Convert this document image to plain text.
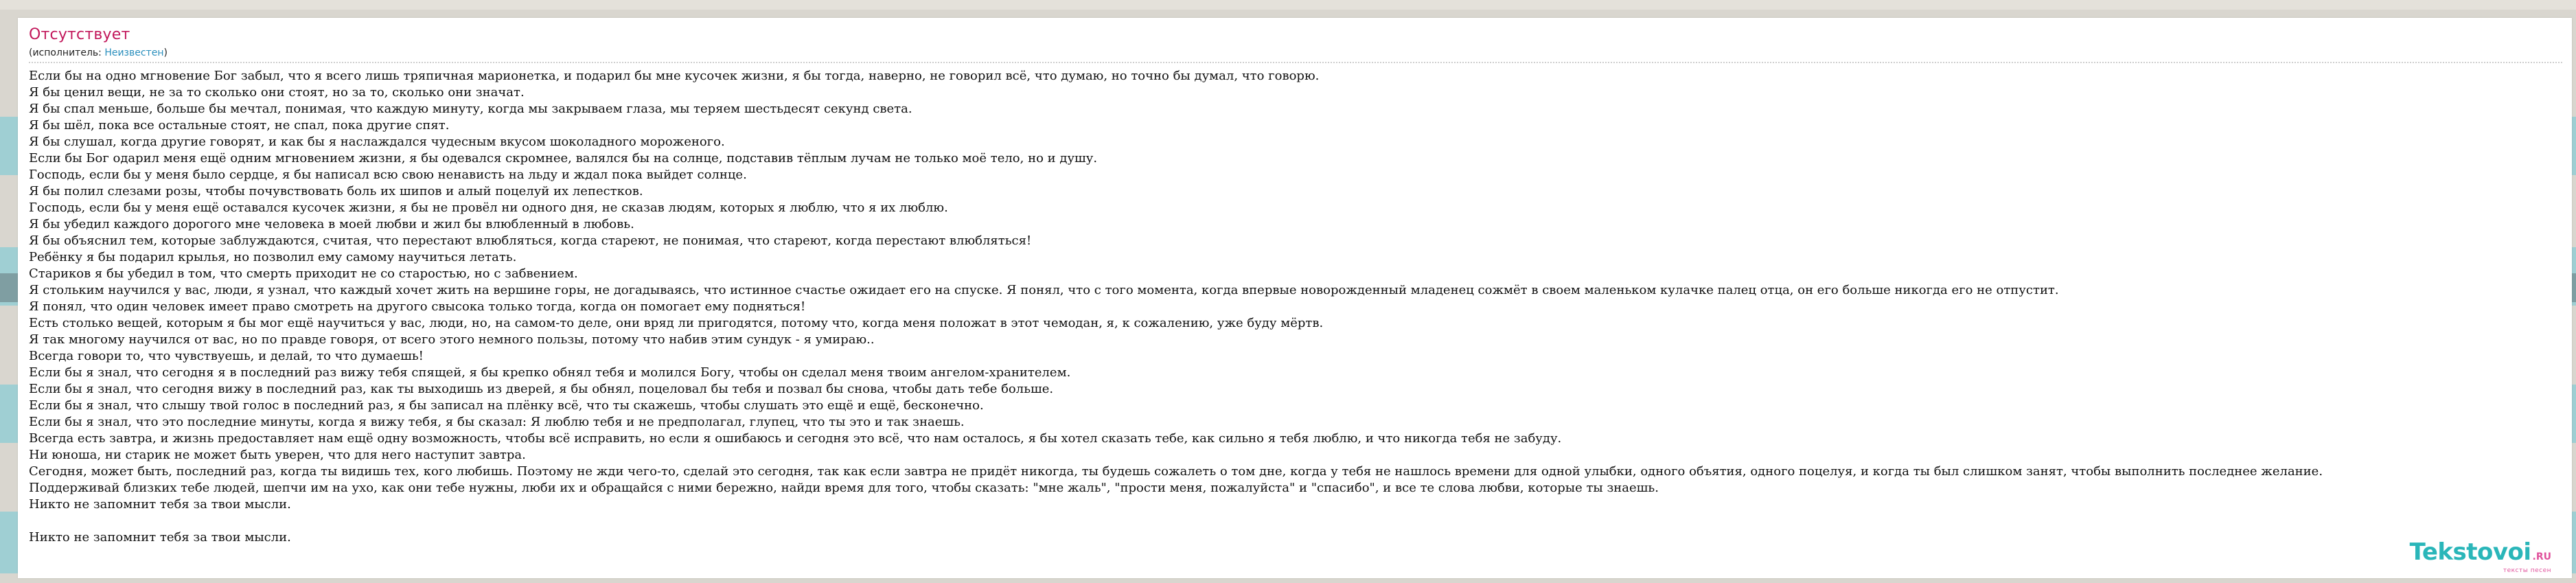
Отсутствует
(исполнитель: Неизвестен)
Если бы на одно мгновение Бог забыл, что я всего лишь тряпичная марионетка, и подарил бы мне кусочек жизни, я бы тогда, наверно, не говорил всё, что думаю, но точно бы думал, что говорю.
Я бы ценил вещи, не за то сколько они стоят, но за то, сколько они значат.
Я бы спал меньше, больше бы мечтал, понимая, что каждую минуту, когда мы закрываем глаза, мы теряем шестьдесят секунд света.
Я бы шёл, пока все остальные стоят, не спал, пока другие спят.
Я бы слушал, когда другие говорят, и как бы я наслаждался чудесным вкусом шоколадного мороженого.
Если бы Бог одарил меня ещё одним мгновением жизни, я бы одевался скромнее, валялся бы на солнце, подставив тёплым лучам не только моё тело, но и душу.
Господь, если бы у меня было сердце, я бы написал всю свою ненависть на льду и ждал пока выйдет солнце.
Я бы полил слезами розы, чтобы почувствовать боль их шипов и алый поцелуй их лепестков.
Господь, если бы у меня ещё оставался кусочек жизни, я бы не провёл ни одного дня, не сказав людям, которых я люблю, что я их люблю.
Я бы убедил каждого дорогого мне человека в моей любви и жил бы влюбленный в любовь.
Я бы объяснил тем, которые заблуждаются, считая, что перестают влюбляться, когда стареют, не понимая, что стареют, когда перестают влюбляться!
Ребёнку я бы подарил крылья, но позволил ему самому научиться летать.
Стариков я бы убедил в том, что смерть приходит не со старостью, но с забвением.
Я стольким научился у вас, люди, я узнал, что каждый хочет жить на вершине горы, не догадываясь, что истинное счастье ожидает его на спуске. Я понял, что с того момента, когда впервые новорожденный младенец сожмёт в своем маленьком кулачке палец отца, он его больше никогда его не отпустит.
Я понял, что один человек имеет право смотреть на другого свысока только тогда, когда он помогает ему подняться!
Есть столько вещей, которым я бы мог ещё научиться у вас, люди, но, на самом-то деле, они вряд ли пригодятся, потому что, когда меня положат в этот чемодан, я, к сожалению, уже буду мёртв.
Я так многому научился от вас, но по правде говоря, от всего этого немного пользы, потому что набив этим сундук - я умираю..
Всегда говори то, что чувствуешь, и делай, то что думаешь!
Если бы я знал, что сегодня я в последний раз вижу тебя спящей, я бы крепко обнял тебя и молился Богу, чтобы он сделал меня твоим ангелом-хранителем.
Если бы я знал, что сегодня вижу в последний раз, как ты выходишь из дверей, я бы обнял, поцеловал бы тебя и позвал бы снова, чтобы дать тебе больше.
Если бы я знал, что слышу твой голос в последний раз, я бы записал на плёнку всё, что ты скажешь, чтобы слушать это ещё и ещё, бесконечно.
Если бы я знал, что это последние минуты, когда я вижу тебя, я бы сказал: Я люблю тебя и не предполагал, глупец, что ты это и так знаешь.
Всегда есть завтра, и жизнь предоставляет нам ещё одну возможность, чтобы всё исправить, но если я ошибаюсь и сегодня это всё, что нам осталось, я бы хотел сказать тебе, как сильно я тебя люблю, и что никогда тебя не забуду.
Ни юноша, ни старик не может быть уверен, что для него наступит завтра.
Сегодня, может быть, последний раз, когда ты видишь тех, кого любишь. Поэтому не жди чего-то, сделай это сегодня, так как если завтра не придёт никогда, ты будешь сожалеть о том дне, когда у тебя не нашлось времени для одной улыбки, одного объятия, одного поцелуя, и когда ты был слишком занят, чтобы выполнить последнее желание.
Поддерживай близких тебе людей, шепчи им на ухо, как они тебе нужны, люби их и обращайся с ними бережно, найди время для того, чтобы сказать: "мне жаль", "прости меня, пожалуйста" и "спасибо", и все те слова любви, которые ты знаешь.
Никто не запомнит тебя за твои мысли.
Никто не запомнит тебя за твои мысли.
Tekstovoi .RU
тексты песен
